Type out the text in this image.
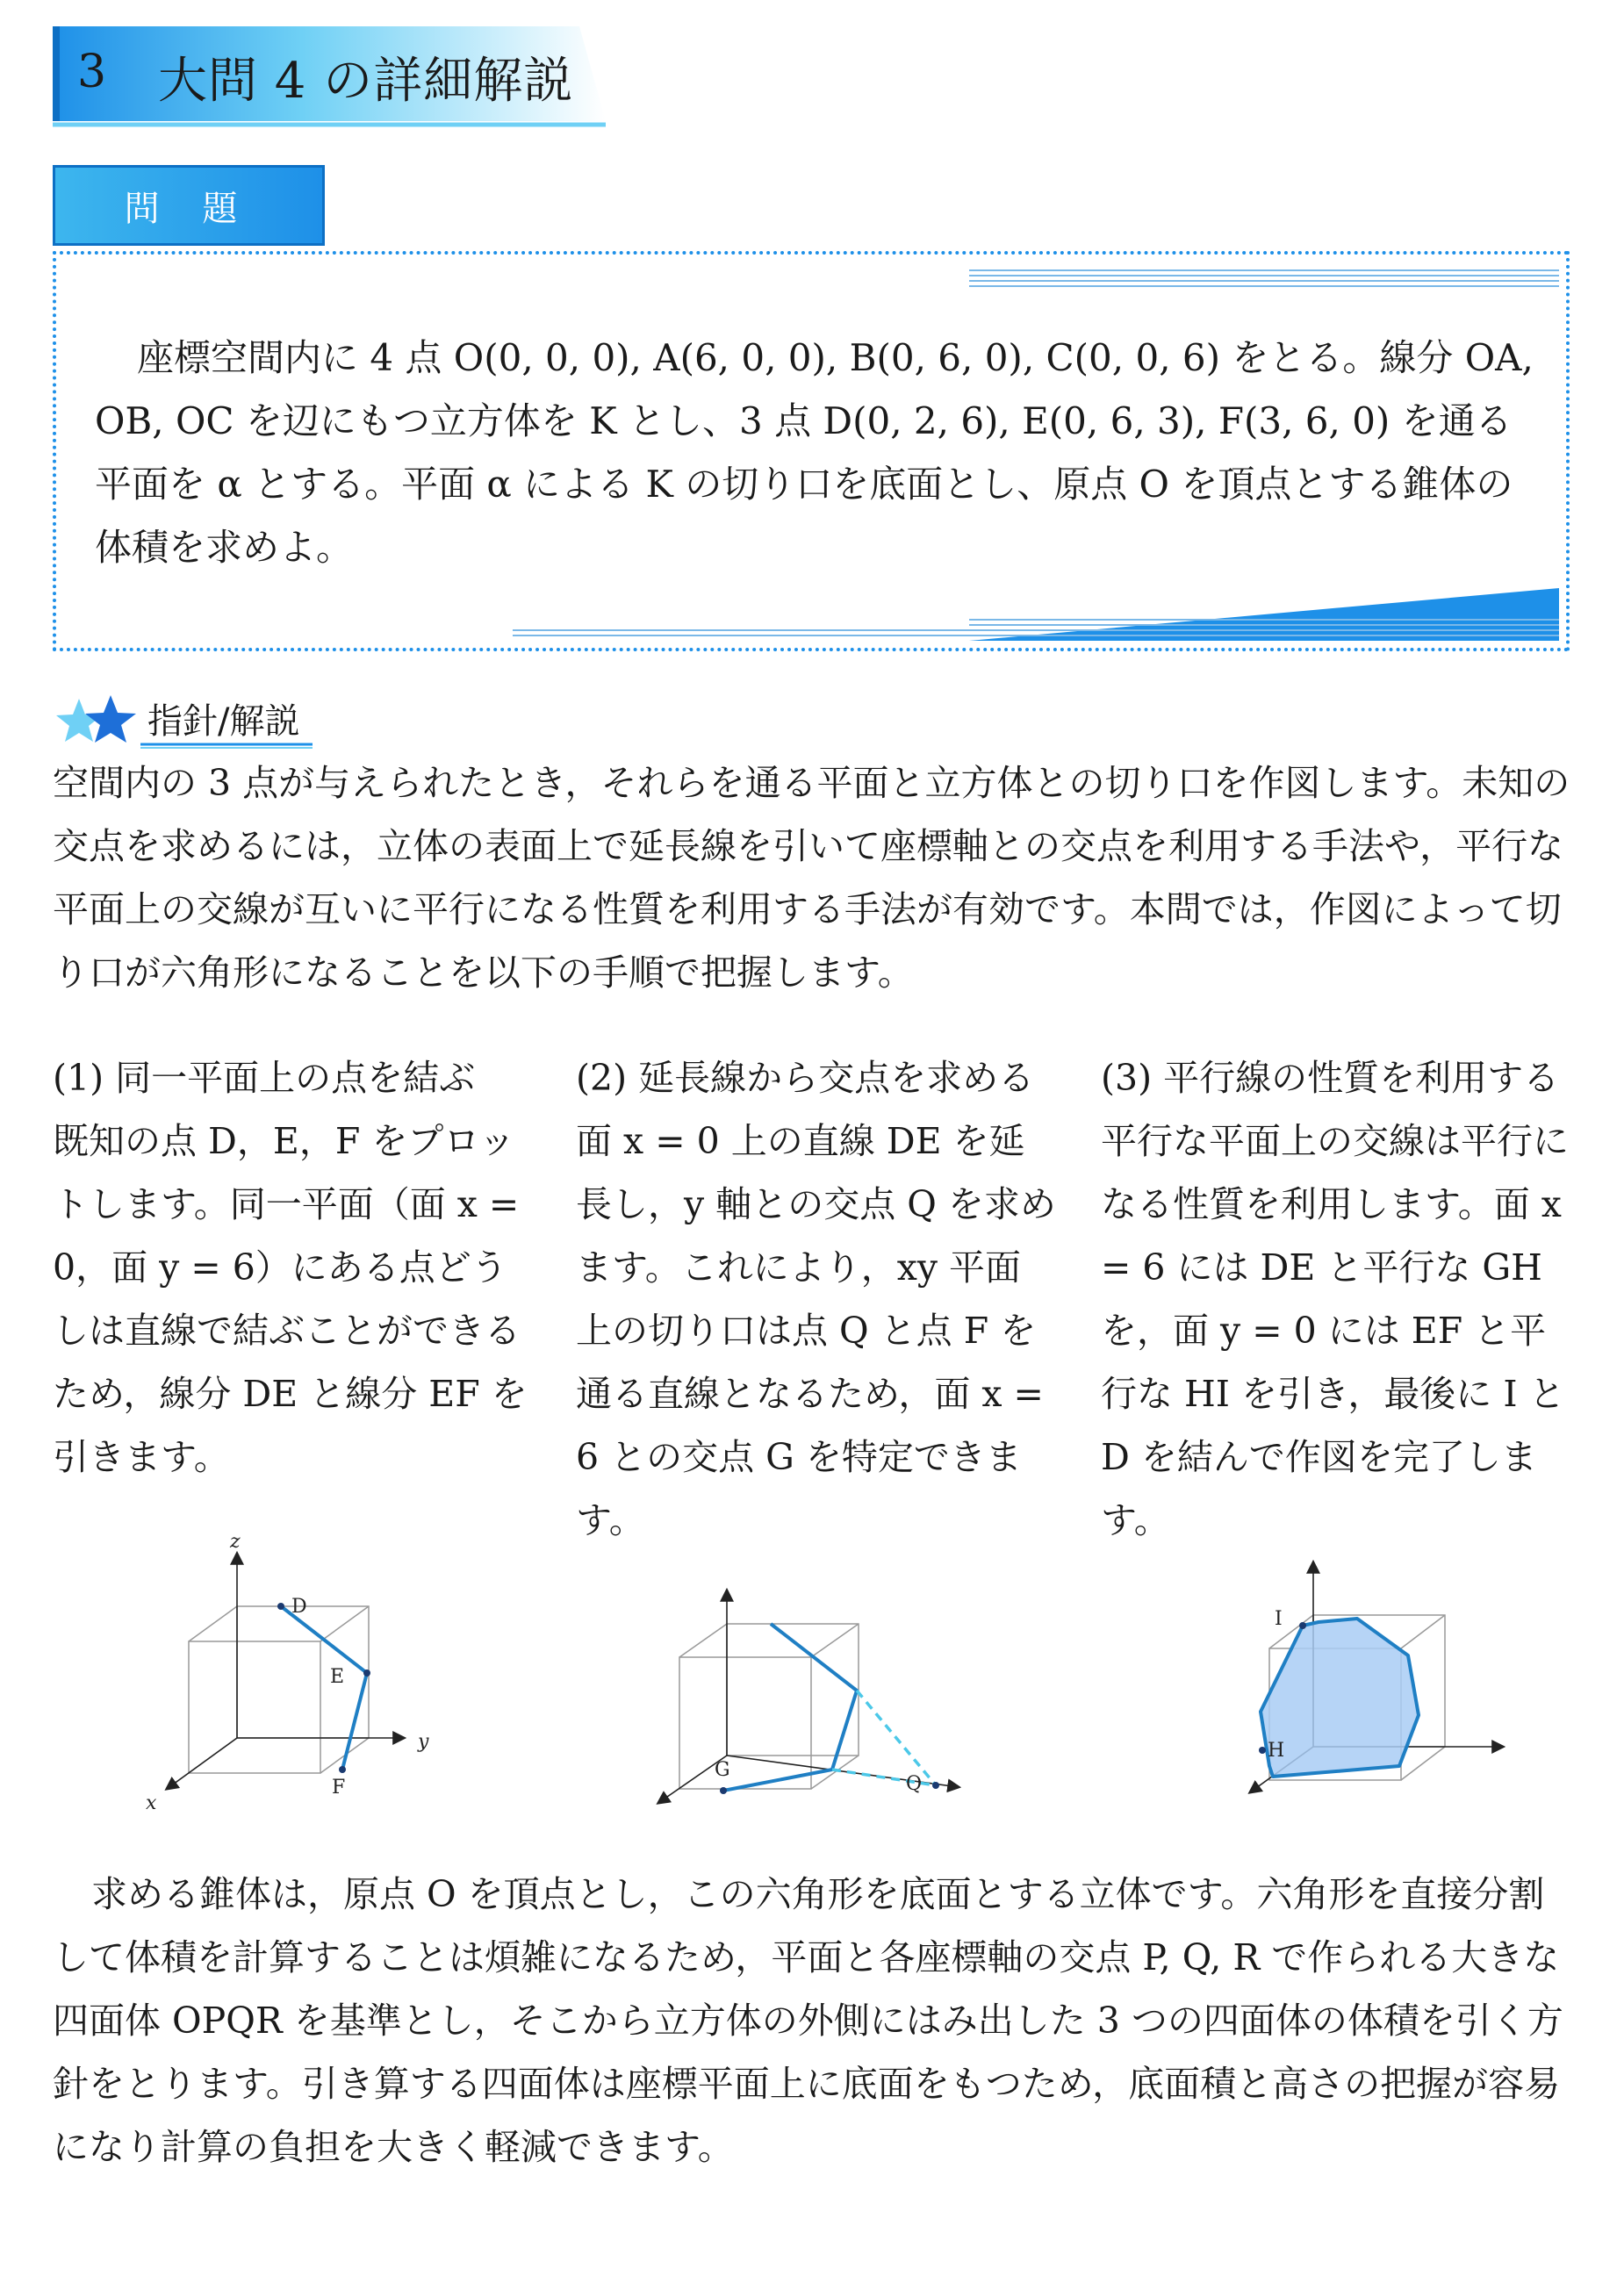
3 大問 4 の詳細解説
問 題

座標空間内に 4 点 O(0, 0, 0), A(6, 0, 0), B(0, 6, 0), C(0, 0, 6) をとる。線分 OA, OB, OC を辺にもつ立方体を K とし、3 点 D(0, 2, 6), E(0, 6, 3), F(3, 6, 0) を通る平面を α とする。平面 α による K の切り口を底面とし、原点 O を頂点とする錐体の体積を求めよ。

指針/解説
空間内の 3 点が与えられたとき，それらを通る平面と立方体との切り口を作図します。未知の交点を求めるには，立体の表面上で延長線を引いて座標軸との交点を利用する手法や，平行な平面上の交線が互いに平行になる性質を利用する手法が有効です。本問では，作図によって切り口が六角形になることを以下の手順で把握します。
(1) 同一平面上の点を結ぶ
既知の点 D，E，F をプロットします。同一平面（面 x = 0，面 y = 6）にある点どうしは直線で結ぶことができるため，線分 DE と線分 EF を引きます。
(2) 延長線から交点を求める
面 x = 0 上の直線 DE を延長し，y 軸との交点 Q を求めます。これにより，xy 平面上の切り口は点 Q と点 F を通る直線となるため，面 x = 6 との交点 G を特定できます。
(3) 平行線の性質を利用する
平行な平面上の交線は平行になる性質を利用します。面 x = 6 には DE と平行な GH を，面 y = 0 には EF と平行な HI を引き，最後に I と D を結んで作図を完了します。
z
x
y
D
E
F
G
Q
I
H
求める錐体は，原点 O を頂点とし，この六角形を底面とする立体です。六角形を直接分割して体積を計算することは煩雑になるため，平面と各座標軸の交点 P, Q, R で作られる大きな四面体 OPQR を基準とし，そこから立方体の外側にはみ出した 3 つの四面体の体積を引く方針をとります。引き算する四面体は座標平面上に底面をもつため，底面積と高さの把握が容易になり計算の負担を大きく軽減できます。
